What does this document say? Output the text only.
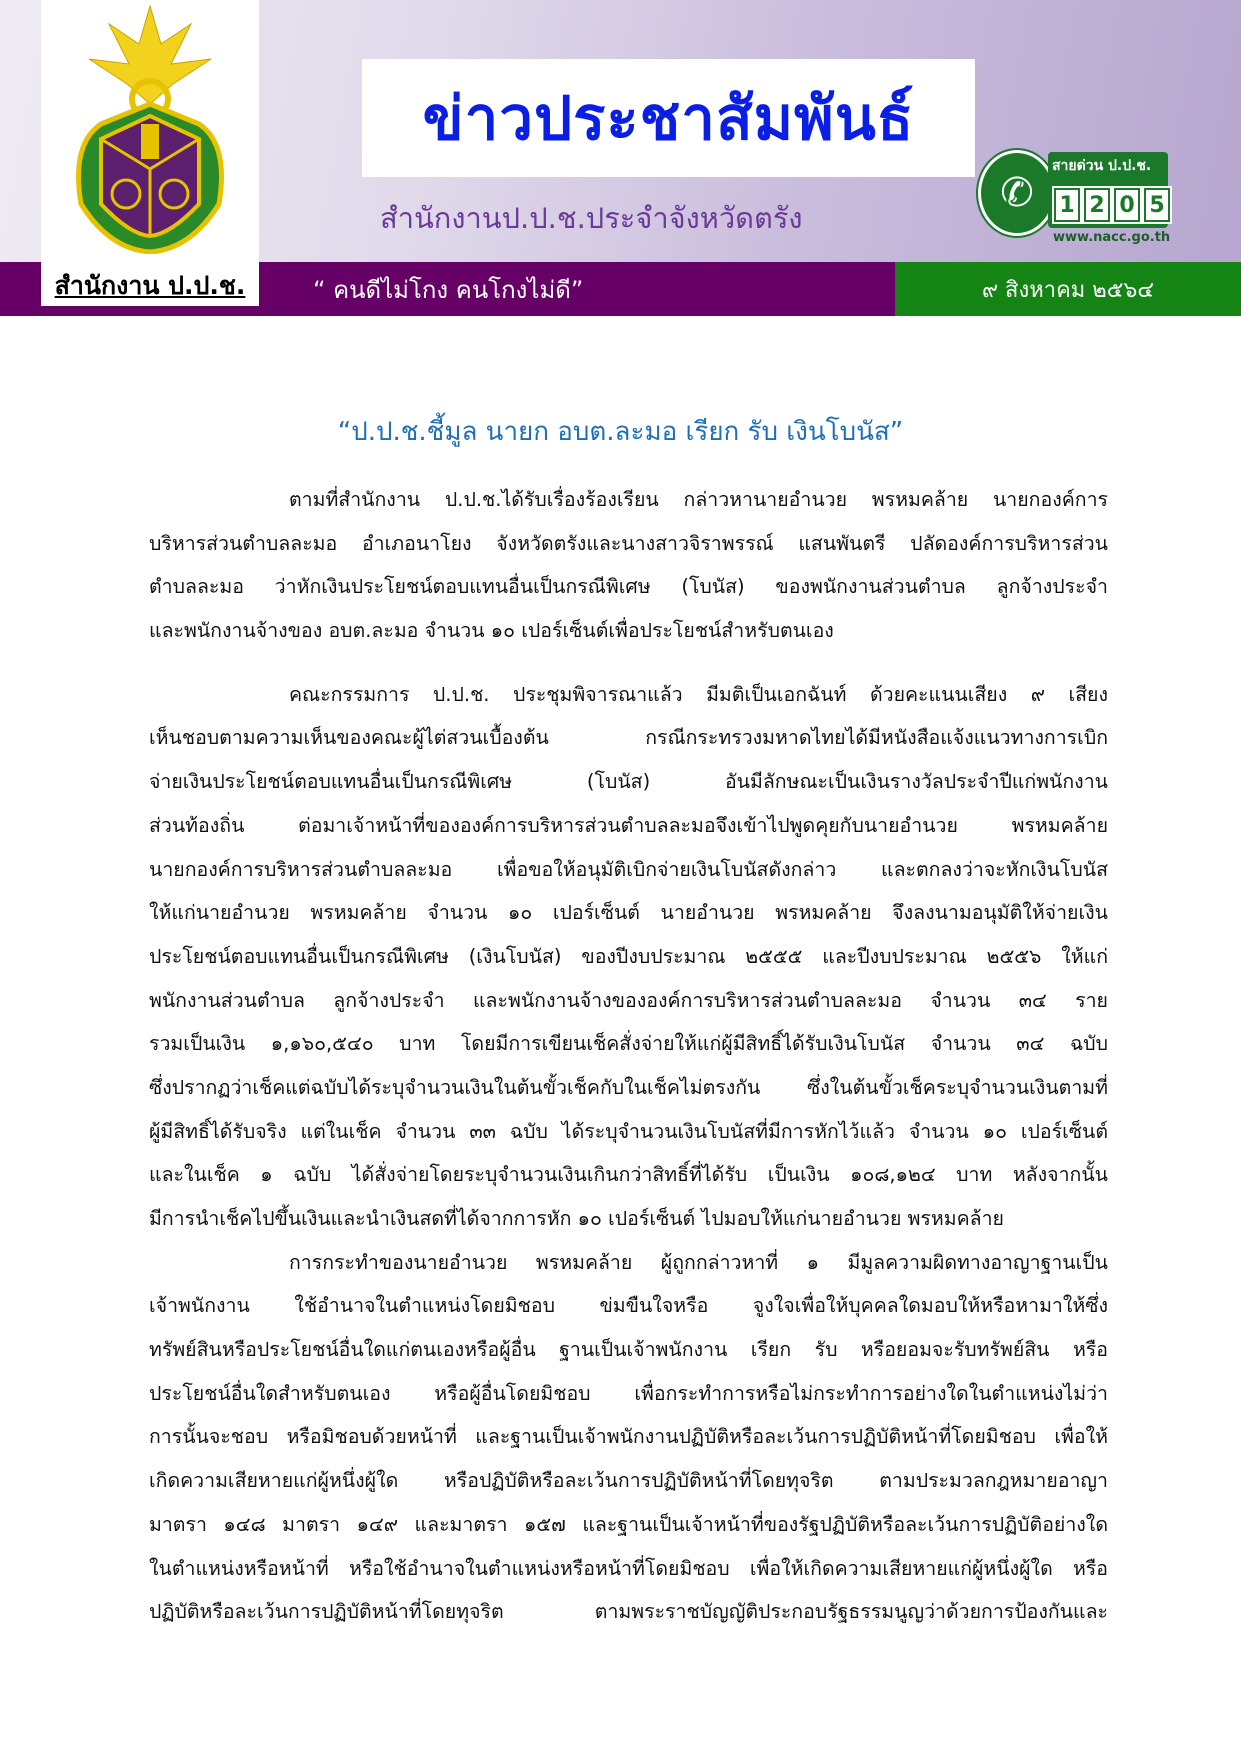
ข่าวประชาสัมพันธ์
สำนักงานป.ป.ช.ประจำจังหวัดตรัง
✆
สายด่วน ป.ป.ช.
1 2 0 5
www.nacc.go.th
สำนักงาน ป.ป.ช.	“ คนดีไม่โกง คนโกงไม่ดี”	๙ สิงหาคม ๒๕๖๔
“ป.ป.ช.ชี้มูล นายก อบต.ละมอ เรียก รับ เงินโบนัส”
ตามที่สำนักงาน ป.ป.ช.ได้รับเรื่องร้องเรียน กล่าวหานายอำนวย พรหมคล้าย นายกองค์การ
บริหารส่วนตำบลละมอ อำเภอนาโยง จังหวัดตรังและนางสาวจิราพรรณ์ แสนพันตรี ปลัดองค์การบริหารส่วน
ตำบลละมอ ว่าหักเงินประโยชน์ตอบแทนอื่นเป็นกรณีพิเศษ (โบนัส) ของพนักงานส่วนตำบล ลูกจ้างประจำ
และพนักงานจ้างของ อบต.ละมอ จำนวน ๑๐ เปอร์เซ็นต์เพื่อประโยชน์สำหรับตนเอง
คณะกรรมการ ป.ป.ช. ประชุมพิจารณาแล้ว มีมติเป็นเอกฉันท์ ด้วยคะแนนเสียง ๙ เสียง
เห็นชอบตามความเห็นของคณะผู้ไต่สวนเบื้องต้น กรณีกระทรวงมหาดไทยได้มีหนังสือแจ้งแนวทางการเบิก
จ่ายเงินประโยชน์ตอบแทนอื่นเป็นกรณีพิเศษ (โบนัส) อันมีลักษณะเป็นเงินรางวัลประจำปีแก่พนักงาน
ส่วนท้องถิ่น ต่อมาเจ้าหน้าที่ขององค์การบริหารส่วนตำบลละมอจึงเข้าไปพูดคุยกับนายอำนวย พรหมคล้าย
นายกองค์การบริหารส่วนตำบลละมอ เพื่อขอให้อนุมัติเบิกจ่ายเงินโบนัสดังกล่าว และตกลงว่าจะหักเงินโบนัส
ให้แก่นายอำนวย พรหมคล้าย จำนวน ๑๐ เปอร์เซ็นต์ นายอำนวย พรหมคล้าย จึงลงนามอนุมัติให้จ่ายเงิน
ประโยชน์ตอบแทนอื่นเป็นกรณีพิเศษ (เงินโบนัส) ของปีงบประมาณ ๒๕๕๕ และปีงบประมาณ ๒๕๕๖ ให้แก่
พนักงานส่วนตำบล ลูกจ้างประจำ และพนักงานจ้างขององค์การบริหารส่วนตำบลละมอ จำนวน ๓๔ ราย
รวมเป็นเงิน ๑,๑๖๐,๕๔๐ บาท โดยมีการเขียนเช็คสั่งจ่ายให้แก่ผู้มีสิทธิ์ได้รับเงินโบนัส จำนวน ๓๔ ฉบับ
ซึ่งปรากฏว่าเช็คแต่ฉบับได้ระบุจำนวนเงินในต้นขั้วเช็คกับในเช็คไม่ตรงกัน ซึ่งในต้นขั้วเช็คระบุจำนวนเงินตามที่
ผู้มีสิทธิ์ได้รับจริง แต่ในเช็ค จำนวน ๓๓ ฉบับ ได้ระบุจำนวนเงินโบนัสที่มีการหักไว้แล้ว จำนวน ๑๐ เปอร์เซ็นต์
และในเช็ค ๑ ฉบับ ได้สั่งจ่ายโดยระบุจำนวนเงินเกินกว่าสิทธิ์ที่ได้รับ เป็นเงิน ๑๐๘,๑๒๔ บาท หลังจากนั้น
มีการนำเช็คไปขึ้นเงินและนำเงินสดที่ได้จากการหัก ๑๐ เปอร์เซ็นต์ ไปมอบให้แก่นายอำนวย พรหมคล้าย
การกระทำของนายอำนวย พรหมคล้าย ผู้ถูกกล่าวหาที่ ๑ มีมูลความผิดทางอาญาฐานเป็น
เจ้าพนักงาน ใช้อำนาจในตำแหน่งโดยมิชอบ ข่มขืนใจหรือ จูงใจเพื่อให้บุคคลใดมอบให้หรือหามาให้ซึ่ง
ทรัพย์สินหรือประโยชน์อื่นใดแก่ตนเองหรือผู้อื่น ฐานเป็นเจ้าพนักงาน เรียก รับ หรือยอมจะรับทรัพย์สิน หรือ
ประโยชน์อื่นใดสำหรับตนเอง หรือผู้อื่นโดยมิชอบ เพื่อกระทำการหรือไม่กระทำการอย่างใดในตำแหน่งไม่ว่า
การนั้นจะชอบ หรือมิชอบด้วยหน้าที่ และฐานเป็นเจ้าพนักงานปฏิบัติหรือละเว้นการปฏิบัติหน้าที่โดยมิชอบ เพื่อให้
เกิดความเสียหายแก่ผู้หนึ่งผู้ใด หรือปฏิบัติหรือละเว้นการปฏิบัติหน้าที่โดยทุจริต ตามประมวลกฎหมายอาญา
มาตรา ๑๔๘ มาตรา ๑๔๙ และมาตรา ๑๕๗ และฐานเป็นเจ้าหน้าที่ของรัฐปฏิบัติหรือละเว้นการปฏิบัติอย่างใด
ในตำแหน่งหรือหน้าที่ หรือใช้อำนาจในตำแหน่งหรือหน้าที่โดยมิชอบ เพื่อให้เกิดความเสียหายแก่ผู้หนึ่งผู้ใด หรือ
ปฏิบัติหรือละเว้นการปฏิบัติหน้าที่โดยทุจริต ตามพระราชบัญญัติประกอบรัฐธรรมนูญว่าด้วยการป้องกันและ
